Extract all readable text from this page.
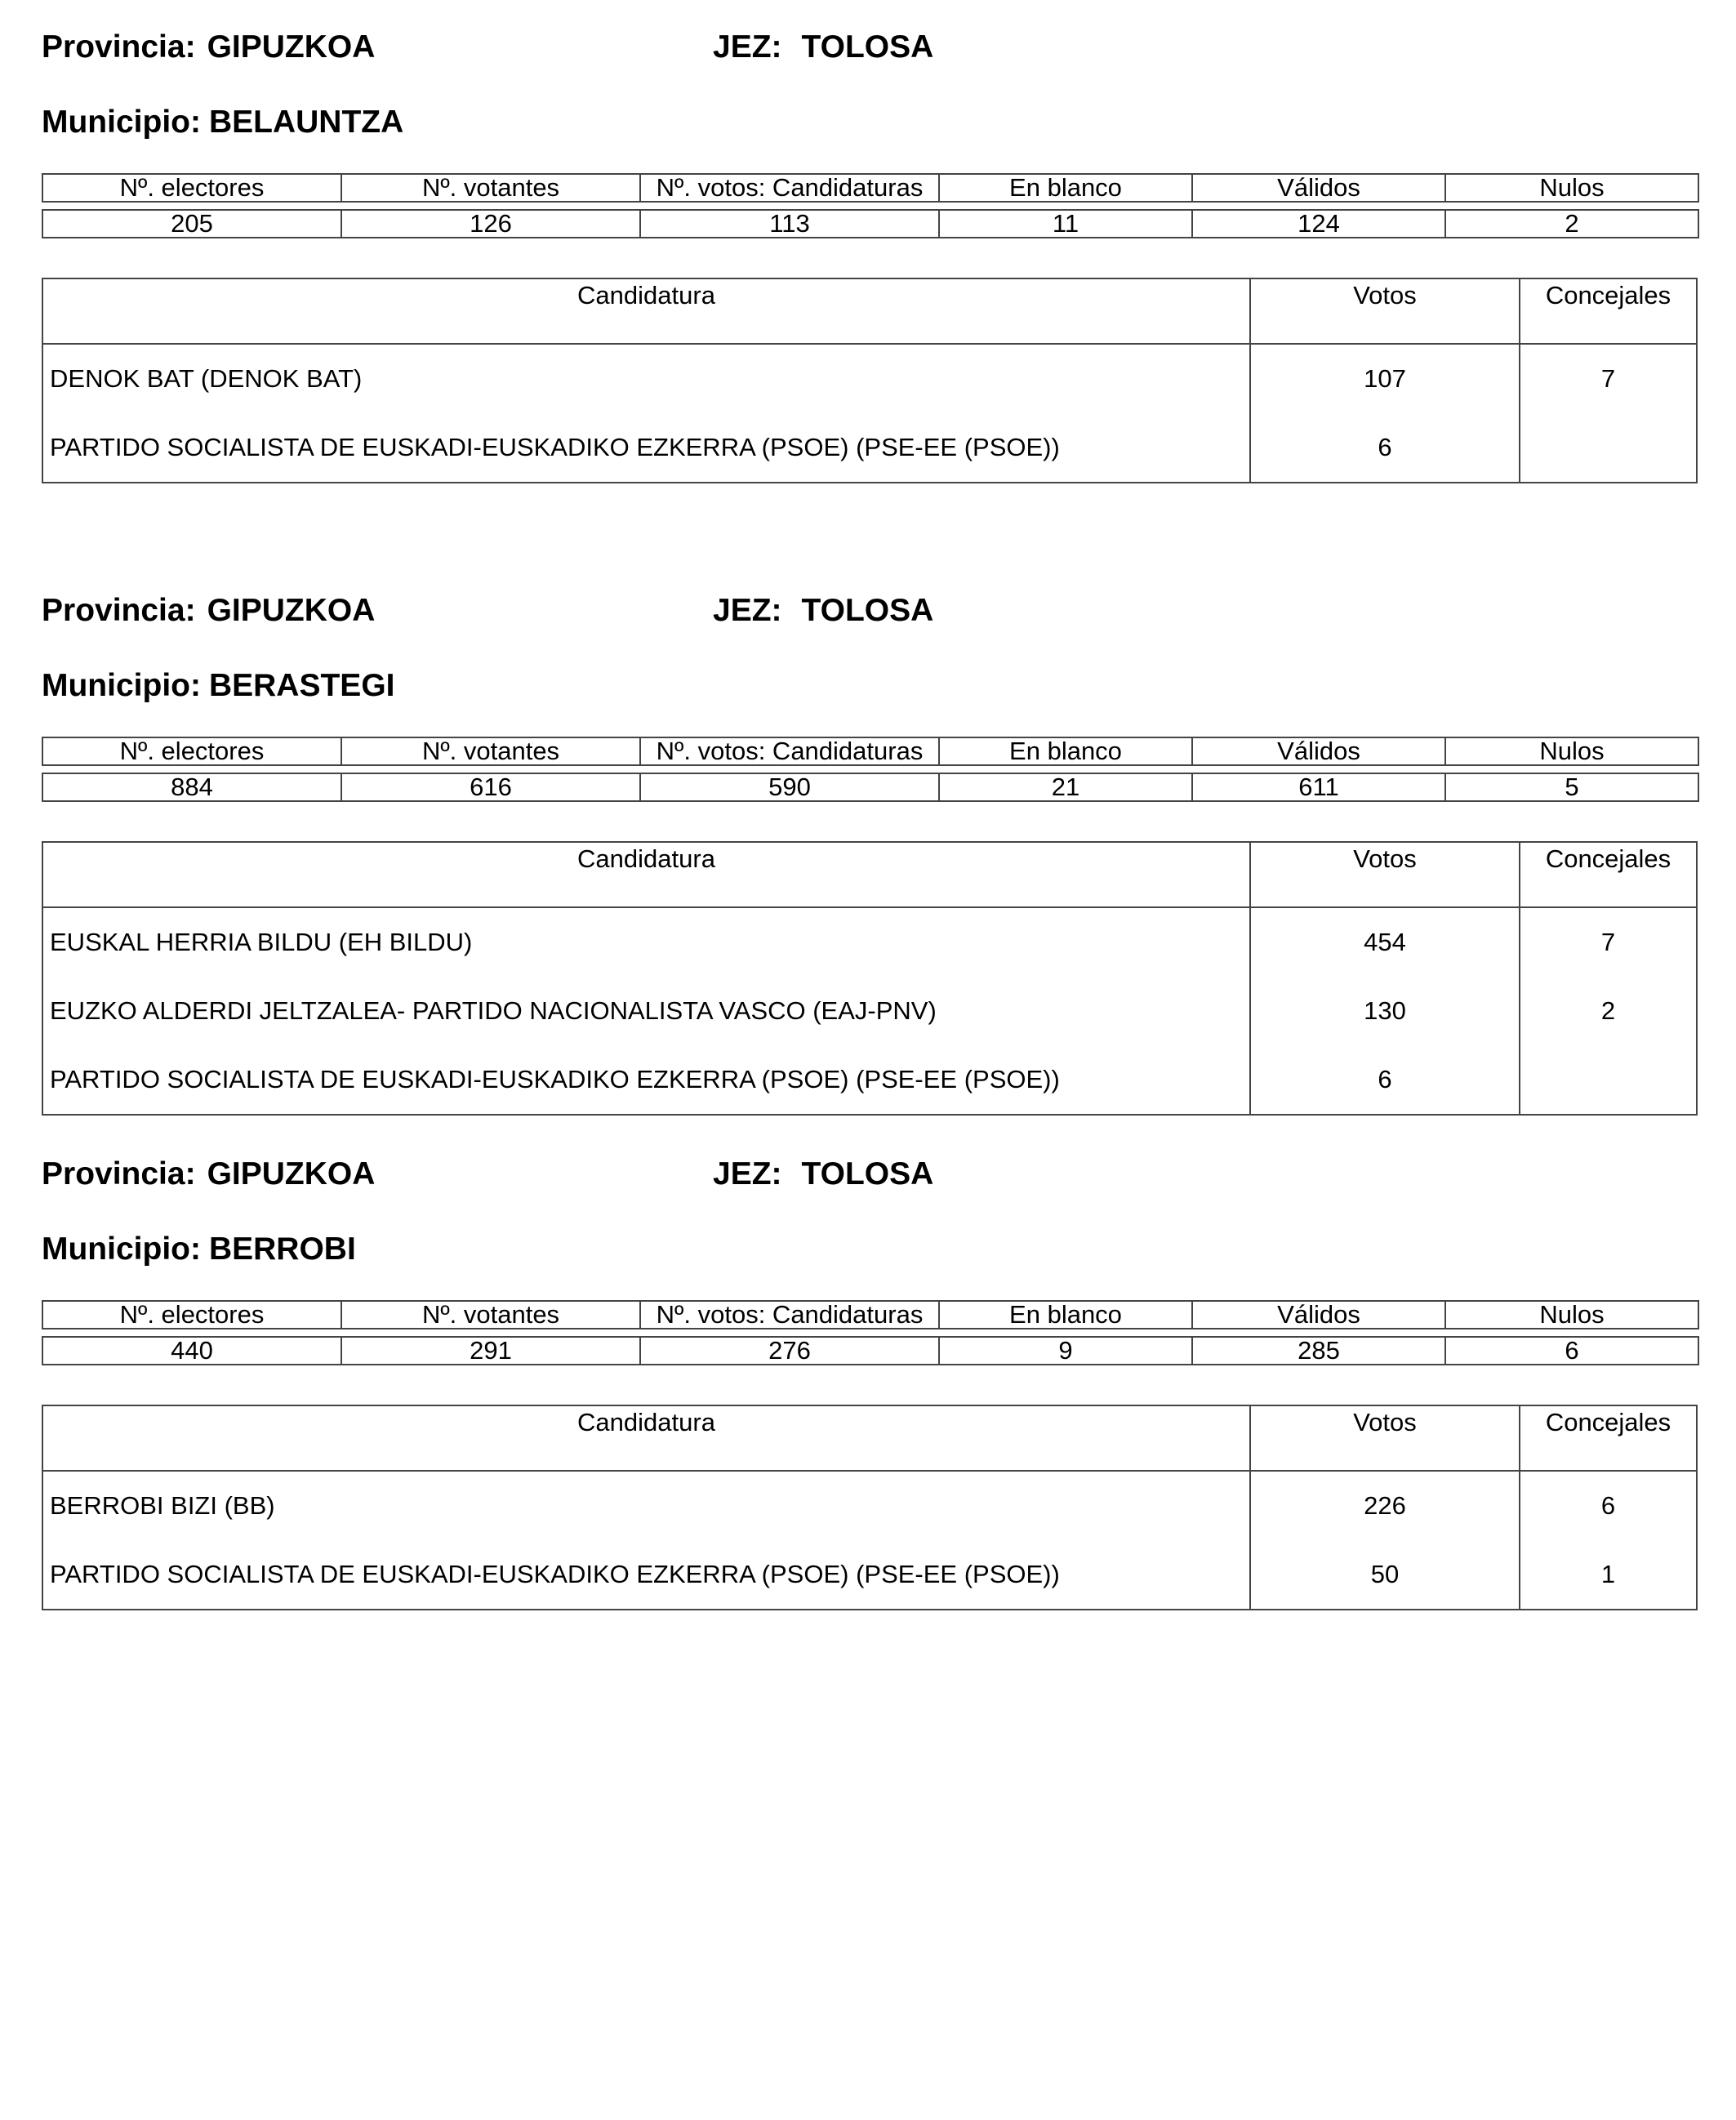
Provincia: GIPUZKOA	JEZ: TOLOSA
Municipio: BELAUNTZA
Nº. electores	Nº. votantes	Nº. votos: Candidaturas	En blanco	Válidos	Nulos

205	126	113	11	124	2
Candidatura	Votos	Concejales
DENOK BAT (DENOK BAT)	107	7
PARTIDO SOCIALISTA DE EUSKADI-EUSKADIKO EZKERRA (PSOE) (PSE-EE (PSOE))	6
Provincia: GIPUZKOA	JEZ: TOLOSA
Municipio: BERASTEGI
Nº. electores	Nº. votantes	Nº. votos: Candidaturas	En blanco	Válidos	Nulos

884	616	590	21	611	5
Candidatura	Votos	Concejales
EUSKAL HERRIA BILDU (EH BILDU)	454	7
EUZKO ALDERDI JELTZALEA- PARTIDO NACIONALISTA VASCO (EAJ-PNV)	130	2
PARTIDO SOCIALISTA DE EUSKADI-EUSKADIKO EZKERRA (PSOE) (PSE-EE (PSOE))	6
Provincia: GIPUZKOA	JEZ: TOLOSA
Municipio: BERROBI
Nº. electores	Nº. votantes	Nº. votos: Candidaturas	En blanco	Válidos	Nulos

440	291	276	9	285	6
Candidatura	Votos	Concejales
BERROBI BIZI (BB)	226	6
PARTIDO SOCIALISTA DE EUSKADI-EUSKADIKO EZKERRA (PSOE) (PSE-EE (PSOE))	50	1
